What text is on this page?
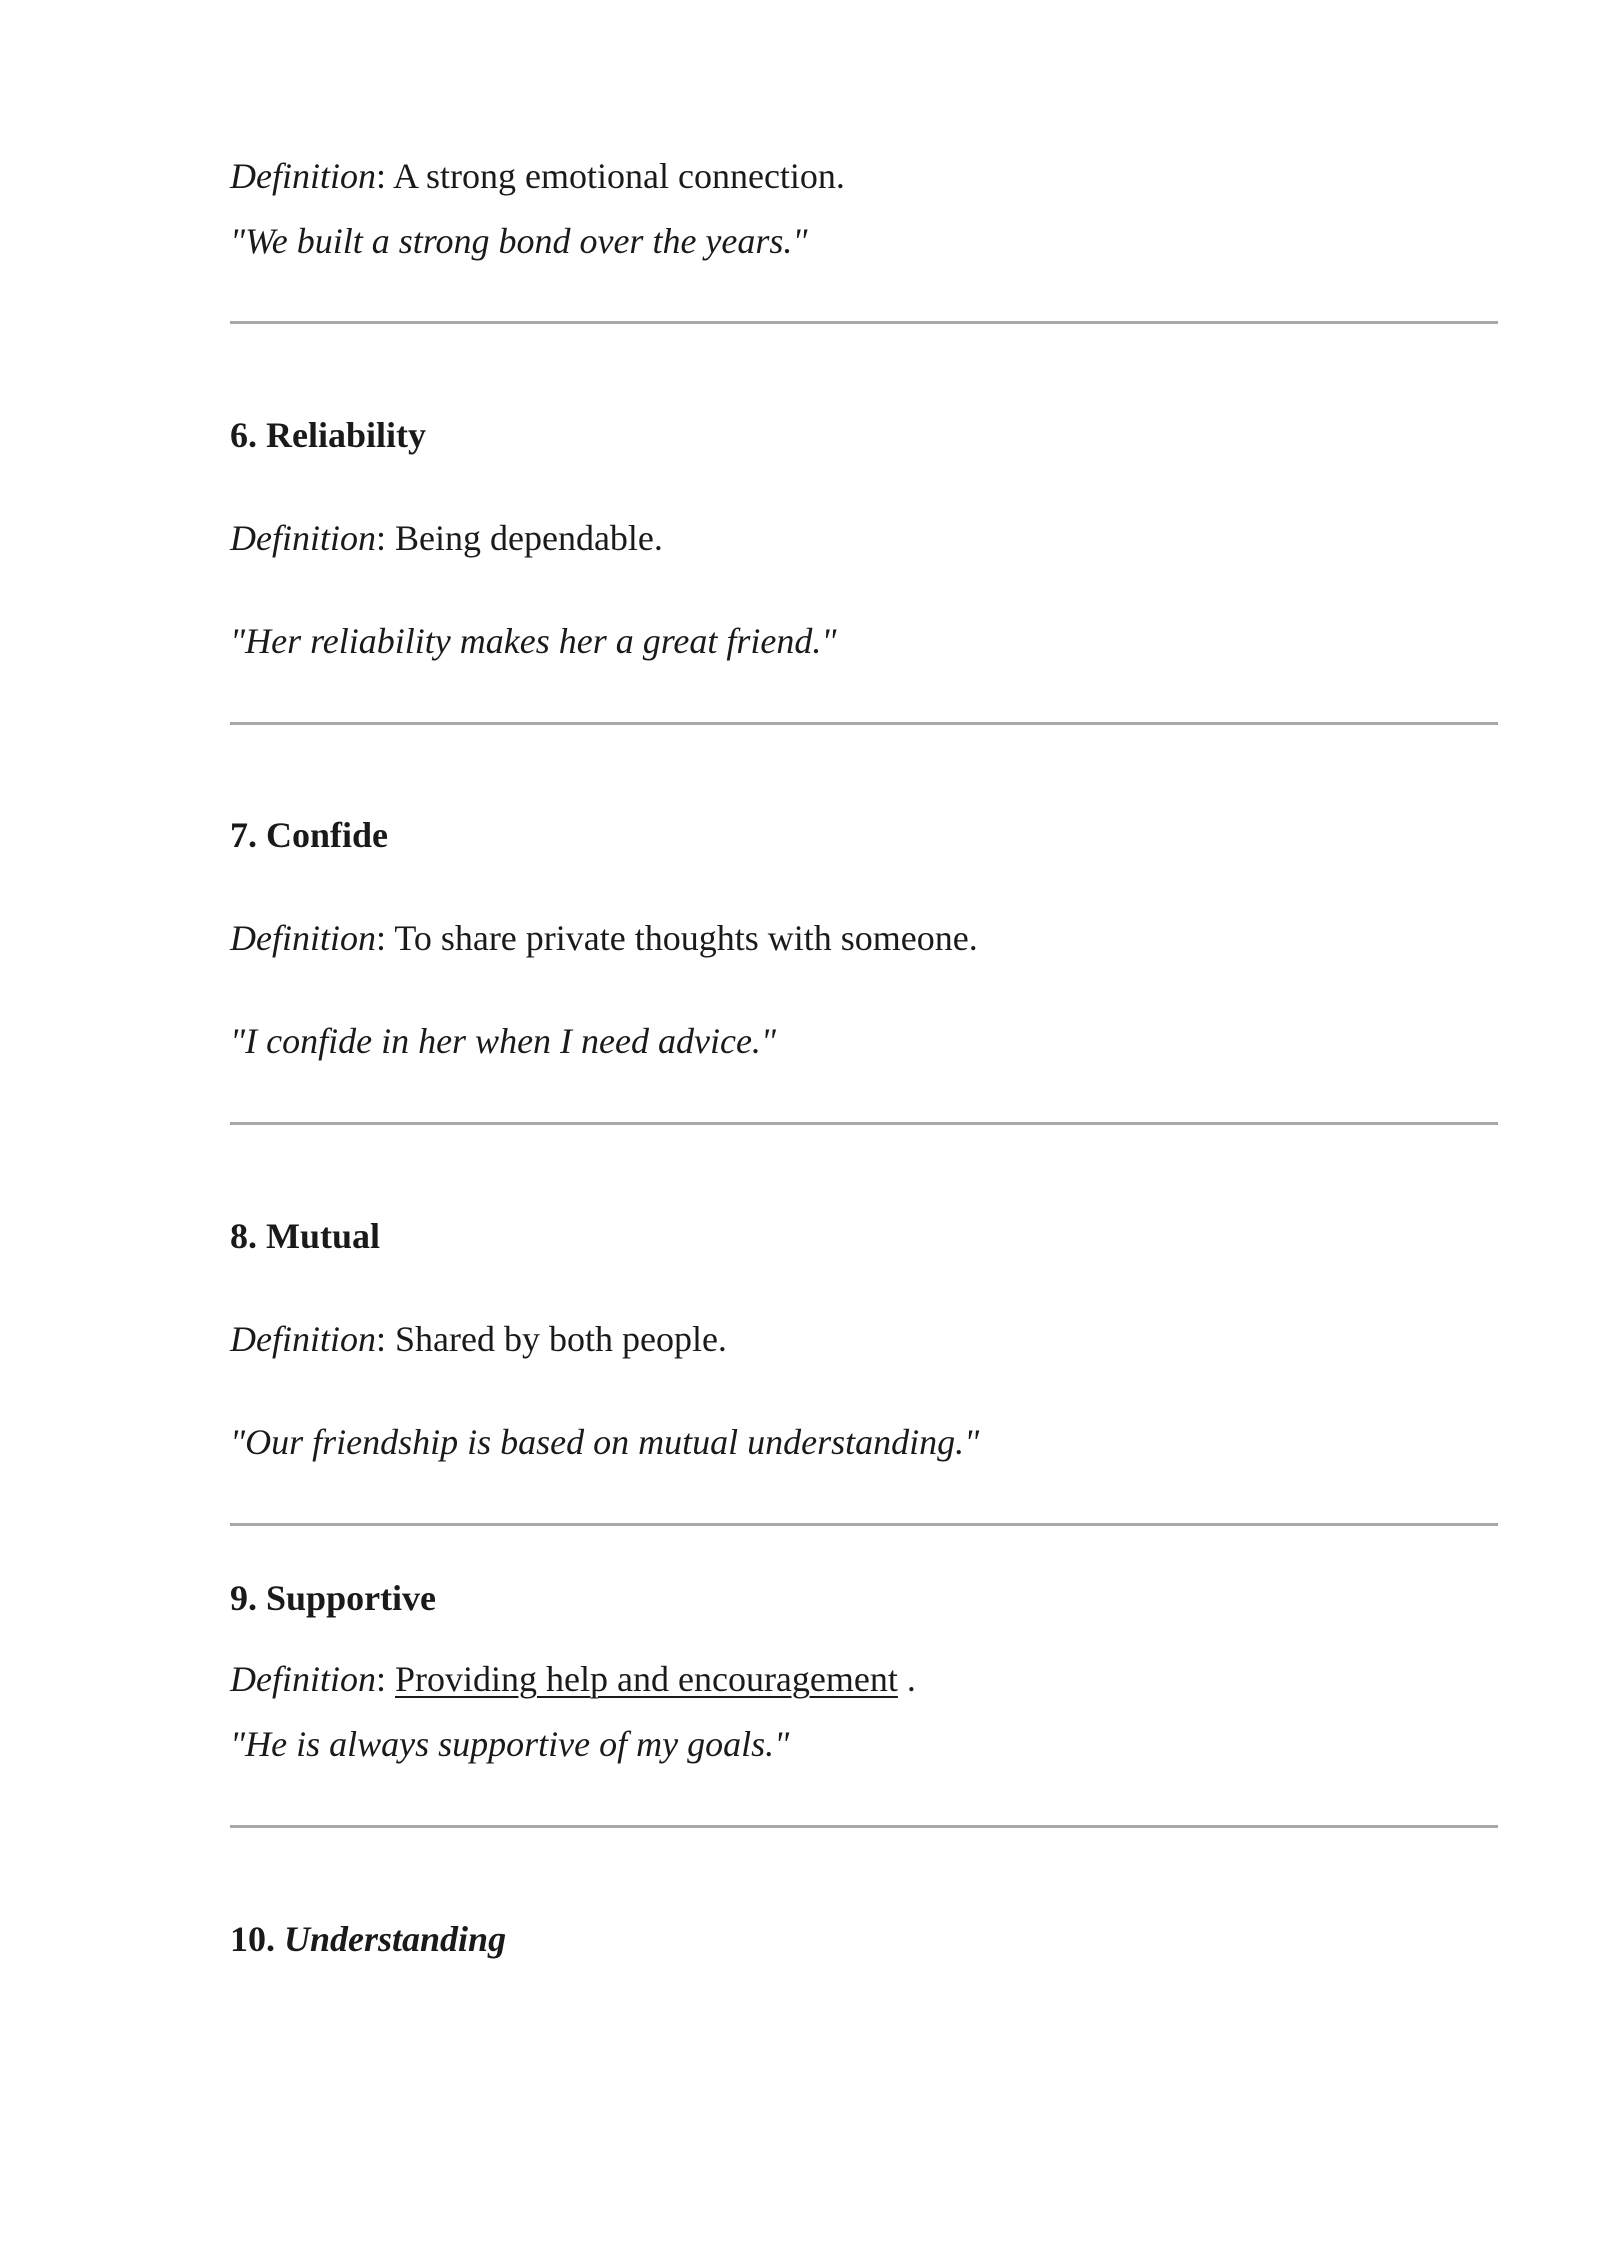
Definition: A strong emotional connection.
"We built a strong bond over the years."
6. Reliability
Definition: Being dependable.
"Her reliability makes her a great friend."
7. Confide
Definition: To share private thoughts with someone.
"I confide in her when I need advice."
8. Mutual
Definition: Shared by both people.
"Our friendship is based on mutual understanding."
9. Supportive
Definition: Providing help and encouragement .
"He is always supportive of my goals."
10. Understanding
